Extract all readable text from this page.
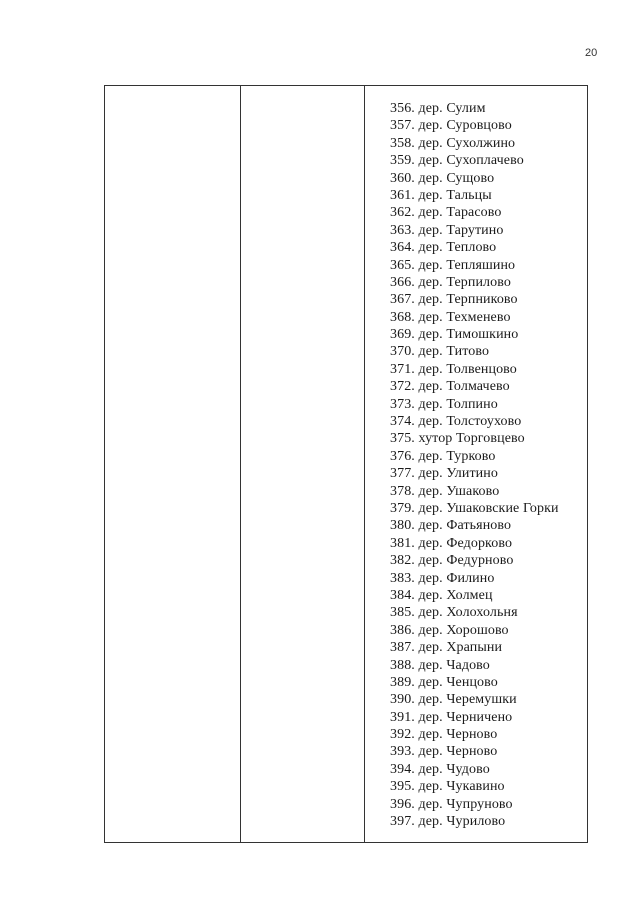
20
356. дер. Сулим
357. дер. Суровцово
358. дер. Сухолжино
359. дер. Сухоплачево
360. дер. Сущово
361. дер. Тальцы
362. дер. Тарасово
363. дер. Тарутино
364. дер. Теплово
365. дер. Тепляшино
366. дер. Терпилово
367. дер. Терпниково
368. дер. Техменево
369. дер. Тимошкино
370. дер. Титово
371. дер. Толвенцово
372. дер. Толмачево
373. дер. Толпино
374. дер. Толстоухово
375. хутор Торговцево
376. дер. Турково
377. дер. Улитино
378. дер. Ушаково
379. дер. Ушаковские Горки
380. дер. Фатьяново
381. дер. Федорково
382. дер. Федурново
383. дер. Филино
384. дер. Холмец
385. дер. Холохольня
386. дер. Хорошово
387. дер. Храпыни
388. дер. Чадово
389. дер. Ченцово
390. дер. Черемушки
391. дер. Черничено
392. дер. Черново
393. дер. Черново
394. дер. Чудово
395. дер. Чукавино
396. дер. Чупруново
397. дер. Чурилово
